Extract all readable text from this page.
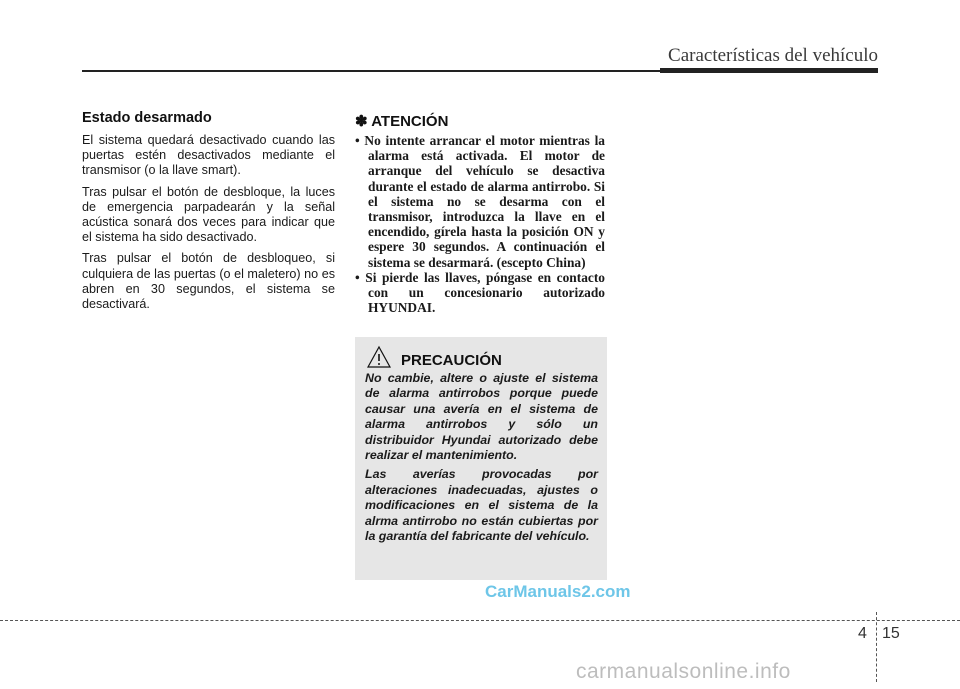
Características del vehículo
Estado desarmado

El sistema quedará desactivado cuando las puertas estén desactivados mediante el transmisor (o la llave smart).

Tras pulsar el botón de desbloque, la luces de emergencia parpadearán y la señal acústica sonará dos veces para indicar que el sistema ha sido desactivado.

Tras pulsar el botón de desbloqueo, si culquiera de las puertas (o el maletero) no es abren en 30 segundos, el sistema se desactivará.

✽ ATENCIÓN
• No intente arrancar el motor mientras la alarma está activada. El motor de arranque del vehículo se desactiva durante el estado de alarma antirrobo. Si el sistema no se desarma con el transmisor, introduzca la llave en el encendido, gírela hasta la posición ON y espere 30 segundos. A continuación el sistema se desarmará. (escepto China)
• Si pierde las llaves, póngase en contacto con un concesionario autorizado HYUNDAI.
PRECAUCIÓN

No cambie, altere o ajuste el sistema de alarma antirrobos porque puede causar una avería en el sistema de alarma antirrobos y sólo un distribuidor Hyundai autorizado debe realizar el mantenimiento.

Las averías provocadas por alteraciones inadecuadas, ajustes o modificaciones en el sistema de la alrma antirrobo no están cubiertas por la garantía del fabricante del vehículo.

CarManuals2.com
4 15
carmanualsonline.info
